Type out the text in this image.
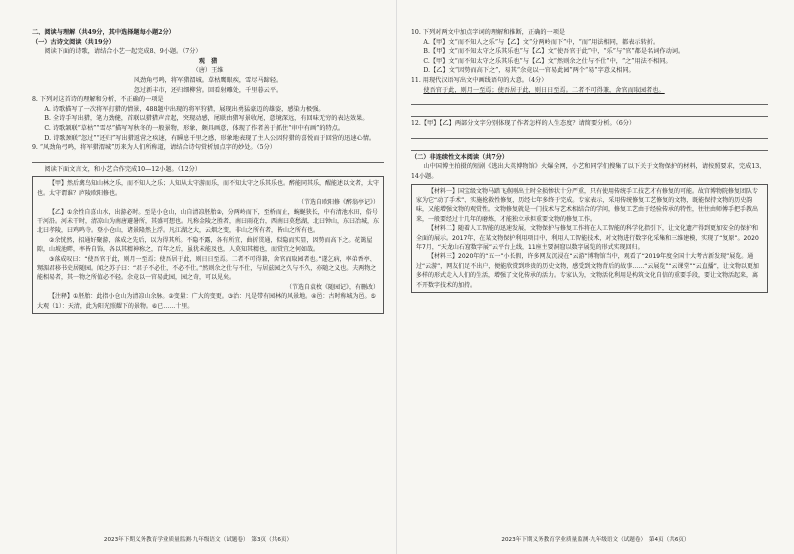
二、阅读与理解（共49分，其中选择题每小题2分）

（一）古诗文阅读（共19分）

阅读下面的诗歌，请结合小艺一起完成8、9小题。（7分）

观　猎

（唐）王维

风劲角弓鸣，将军猎渭城。草枯鹰眼疾，雪尽马蹄轻。

忽过新丰市，还归细柳营。回看射雕处，千里暮云平。

8. 下列对这首诗的理解和分析，不正确的一项是

A. 诗歌描写了一次将军打猎的情景，488题中出现的将军狩猎，展现出勇猛豪迈的雄姿，感染力极强。

B. 全诗手写出猎，笔力劲健，首联以猎猎声音起，突现动感，尾联由猎写景收尾，意境深远，有回味无穷的表达效果。

C. 诗歌颔联“草枯”“雪尽”描写写秋冬的一般景物，形象，颇具画意，体现了作者善于抓住“审中有画”的特点。

D. 诗歌颈联“忽过”“还归”写出猎返营之疾速，有瞬息千里之感，形象地表现了主人公因狩猎的喜悦而于回营的迅速心情。

9. “风劲角弓鸣，将军猎渭城”历来为人们所称道，请结合诗句赏析加点字的妙处。（5分）

阅读下面文言文，和小艺合作完成10—12小题。（12分）

【甲】然后禽鸟知山林之乐，而不知人之乐；人知从太守游而乐，而不知太守之乐其乐也。醉能同其乐，醒能述以文者，太守也。太守谓谁？庐陵欧阳修也。

（节选自欧阳修《醉翁亭记》）

【乙】①余性自喜山水，出游必时。至是小仓山，山自清凉胚胎②，分两岭而下，至桥而止，蜿蜒狭长，中有清池水田，俗号干河沿。河未干时，清凉山为南唐避暑所，其盛可想也。凡称金陵之胜者，南曰雨花台，西南曰莫愁湖，北曰钟山，东曰冶城，东北曰孝陵，曰鸡鸣寺。登小仓山，诸景隆然上浮。凡江湖之大，云烟之变，非山之所有者，皆山之所有也。

②余恍然，招通好聚游，落成之先后，以为得其所。不隐不露，各有所宜，曲折贯通，似隐而实显，因势而高下之。花篱屋隙，山坡池畔，率皆自饰，各以其精神称之，百年之后，虽犹未能及也，人莫知其精也，而赏宜之何如哉。

③落成叹曰：“使吾官于此，则月一至焉；使吾居于此，则日日至焉。二者不可得兼，舍官而取园者也。”遂乞病，率弟香亭、甥湄君移书史居随园。闻之苏子曰：“君子不必仕，不必不仕。”然则余之仕与不仕，与居兹园之久与不久，亦随之义也。夫两物之能相易者，其一物之所值必不轻。余竟以一官易此园，园之奇，可以见矣。

（节选自袁枚《随园记》，有删改）

【注释】①胚胎：此指小仓山为清凉山余脉。②变量：广大的变更。③治：凡是带有园林的风景地。④邑：古时称城为邑。⑤大观（1）：天清，此为阳光照耀下的景物。⑥已……十里。

2023年下期义务教育学业质量监测·九年级语文（试题卷）　第3页（共6页）

10. 下列对两文中加点字词的理解和推断，正确的一项是

A.【甲】文“而不知人之乐”与【乙】文“分两岭而下”中，“而”用法相同，都表示转折。

B.【甲】文“而不知太守之乐其乐也”与【乙】文“使吾官于此”中，“乐”与“官”都是名词作动词。

C.【甲】文“而不知太守之乐其乐也”与【乙】文“然则余之仕与不仕”中，“之”用法不相同。

D.【乙】文“因势而高下之”，易其“余竟以一官易此园”两个“易”字意义相同。

11. 用现代汉语写出文中画线语句的大意。（4分）

使吾官于此，则月一至焉；使吾居于此，则日日至焉。二者不可得兼，舍官而取园者也。

12.【甲】【乙】两部分文字分别体现了作者怎样的人生态度？请简要分析。（6分）

（二）非连续性文本阅读（共7分）

山中国博主拍摄的短剧《逃出大英博物馆》火爆全网，小艺和同学们搜集了以下关于文物保护的材料，请按照要求，完成13、14小题。

【材料一】国宝级文物马踏飞燕刚出土时全损惨状十分严重，只有使用传统手工技艺才有修复的可能。故宫博物院修复团队专家为它“动了手术”、实施抢救性修复，历经七年多终于完成。专家表示，采用传统修复工艺修复的文物，既能保持文物的历史韵味，又能增强文物的观赏性。文物修复就是一门技术与艺术相结合的学问，修复工艺由于经验传承的特性，往往由师傅手把手教出来，一般要经过十几年的磨炼，才能独立承担重要文物的修复工作。

【材料二】随着人工智能的迅速发展，文物保护与修复工作将在人工智能的科学化指引下，让文化遗产得到更加安全的保护和全面的展示。2017年，在某文物保护利用项目中，利用人工智能技术，对文物进行数字化采集和三维建模，实现了“复原”。2020年7月，“天龙山石窟数字展”云平台上线，11座主要洞窟以数字展览的形式实现回归。

【材料三】2020年的“五一”小长假，许多网友沉浸在“云游”博物馆当中，观看了“2019年度全国十大考古新发现”展览。通过“云游”，网友们足不出户，便能欣赏到珍贵的历史文物，感受到文物背后的故事……“云展览”“云课堂”“云直播”，让文物以更加多样的形式走入人们的生活，增强了文化传承的活力。专家认为，文物活化利用是构筑文化自信的重要手段，要让文物活起来，离不开数字技术的加持。

2023年下期义务教育学业质量监测·九年级语文（试题卷）　第4页（共6页）
